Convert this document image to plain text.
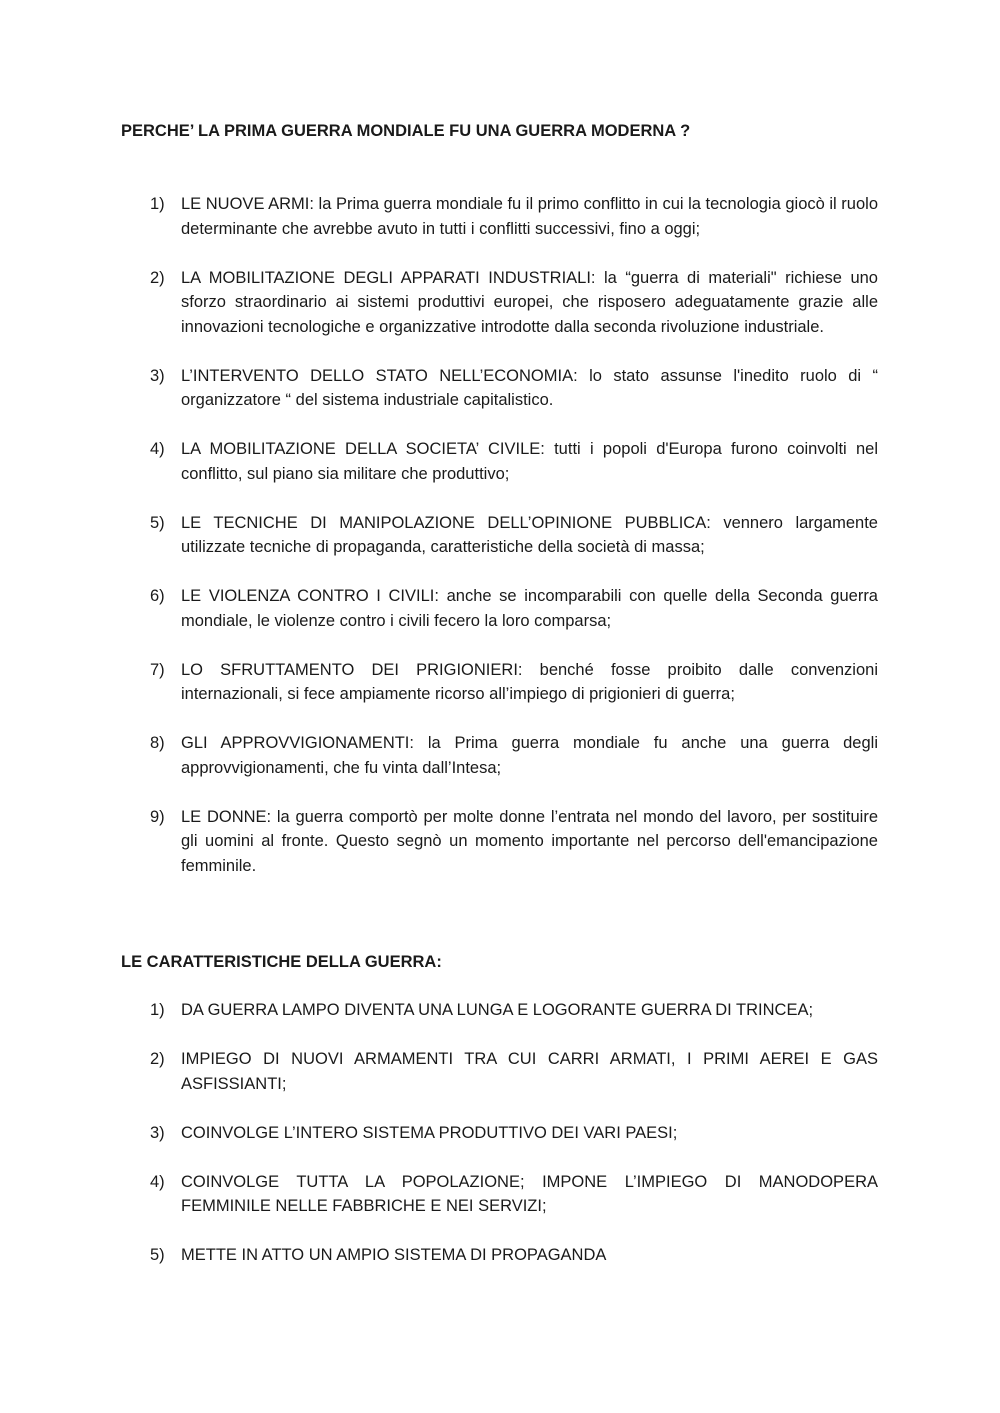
PERCHE’ LA PRIMA GUERRA MONDIALE FU UNA GUERRA MODERNA ?
1) LE NUOVE ARMI: la Prima guerra mondiale fu il primo conflitto in cui la tecnologia giocò il ruolo determinante che avrebbe avuto in tutti i conflitti successivi, fino a oggi;
2) LA MOBILITAZIONE DEGLI APPARATI INDUSTRIALI: la “guerra di materiali" richiese uno sforzo straordinario ai sistemi produttivi europei, che risposero adeguatamente grazie alle innovazioni tecnologiche e organizzative introdotte dalla seconda rivoluzione industriale.
3) L’INTERVENTO DELLO STATO NELL’ECONOMIA: lo stato assunse l'inedito ruolo di “ organizzatore “ del sistema industriale capitalistico.
4) LA MOBILITAZIONE DELLA SOCIETA’ CIVILE: tutti i popoli d'Europa furono coinvolti nel conflitto, sul piano sia militare che produttivo;
5) LE TECNICHE DI MANIPOLAZIONE DELL’OPINIONE PUBBLICA: vennero largamente utilizzate tecniche di propaganda, caratteristiche della società di massa;
6) LE VIOLENZA CONTRO I CIVILI: anche se incomparabili con quelle della Seconda guerra mondiale, le violenze contro i civili fecero la loro comparsa;
7) LO SFRUTTAMENTO DEI PRIGIONIERI: benché fosse proibito dalle convenzioni internazionali, si fece ampiamente ricorso all’impiego di prigionieri di guerra;
8) GLI APPROVVIGIONAMENTI: la Prima guerra mondiale fu anche una guerra degli approvvigionamenti, che fu vinta dall’Intesa;
9) LE DONNE: la guerra comportò per molte donne l’entrata nel mondo del lavoro, per sostituire gli uomini al fronte. Questo segnò un momento importante nel percorso dell'emancipazione femminile.
LE CARATTERISTICHE DELLA GUERRA:
1) DA GUERRA LAMPO DIVENTA UNA LUNGA E LOGORANTE GUERRA DI TRINCEA;
2) IMPIEGO DI NUOVI ARMAMENTI TRA CUI CARRI ARMATI, I PRIMI AEREI E GAS ASFISSIANTI;
3) COINVOLGE L’INTERO SISTEMA PRODUTTIVO DEI VARI PAESI;
4) COINVOLGE TUTTA LA POPOLAZIONE; IMPONE L’IMPIEGO DI MANODOPERA FEMMINILE NELLE FABBRICHE E NEI SERVIZI;
5) METTE IN ATTO UN AMPIO SISTEMA DI PROPAGANDA
